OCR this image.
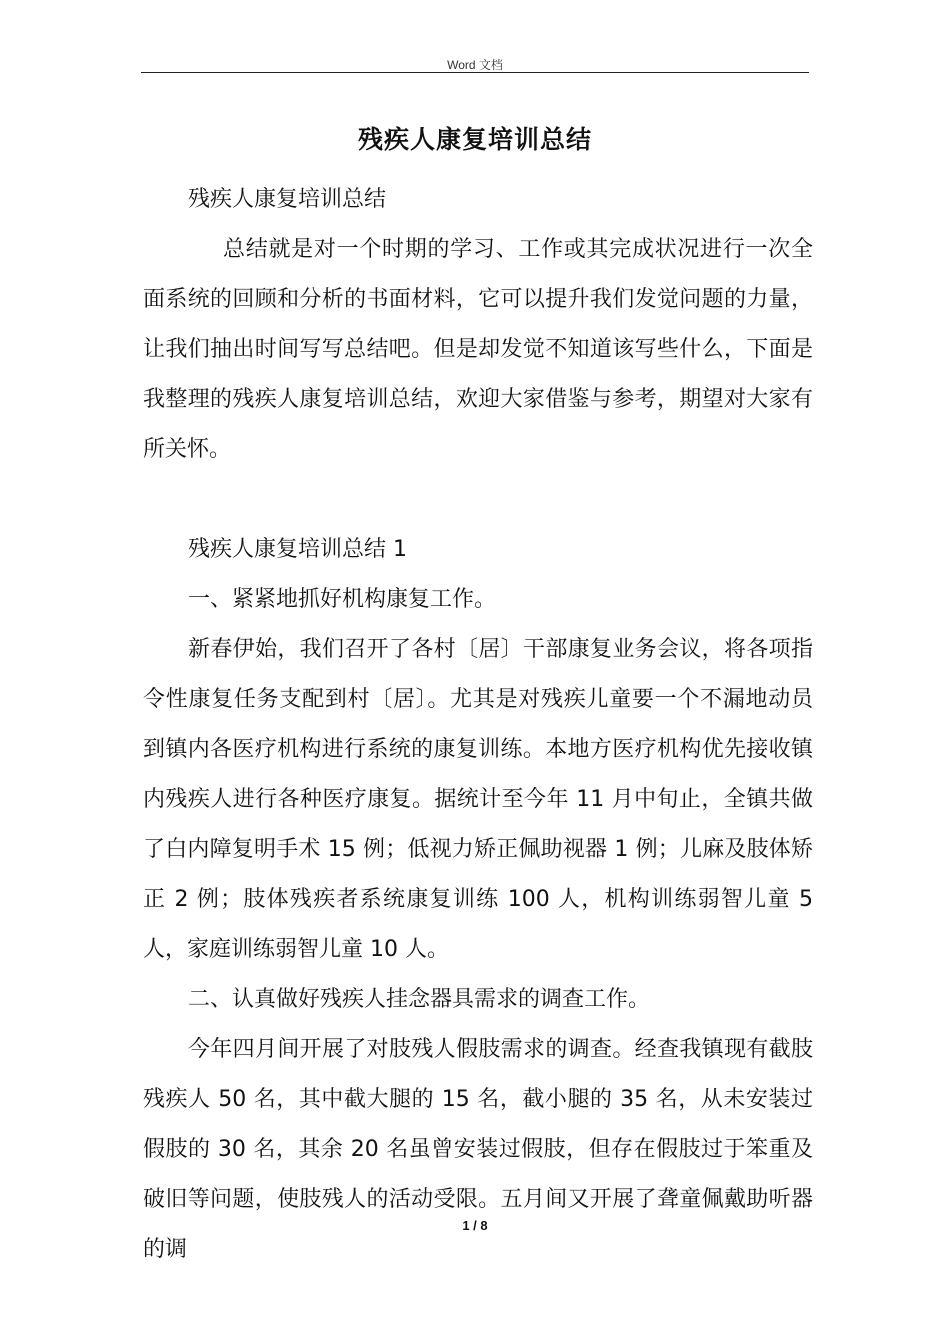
Word 文档
残疾人康复培训总结

残疾人康复培训总结

总结就是对一个时期的学习、工作或其完成状况进行一次全面系统的回顾和分析的书面材料，它可以提升我们发觉问题的力量，让我们抽出时间写写总结吧。但是却发觉不知道该写些什么，下面是我整理的残疾人康复培训总结，欢迎大家借鉴与参考，期望对大家有所关怀。

残疾人康复培训总结 1

一、紧紧地抓好机构康复工作。

新春伊始，我们召开了各村〔居〕干部康复业务会议，将各项指令性康复任务支配到村〔居〕。尤其是对残疾儿童要一个不漏地动员到镇内各医疗机构进行系统的康复训练。本地方医疗机构优先接收镇内残疾人进行各种医疗康复。据统计至今年 11 月中旬止，全镇共做了白内障复明手术 15 例；低视力矫正佩助视器 1 例；儿麻及肢体矫正 2 例；肢体残疾者系统康复训练 100 人，机构训练弱智儿童 5 人，家庭训练弱智儿童 10 人。

二、认真做好残疾人挂念器具需求的调查工作。

今年四月间开展了对肢残人假肢需求的调查。经查我镇现有截肢残疾人 50 名，其中截大腿的 15 名，截小腿的 35 名，从未安装过假肢的 30 名，其余 20 名虽曾安装过假肢，但存在假肢过于笨重及破旧等问题，使肢残人的活动受限。五月间又开展了聋童佩戴助听器的调

1 / 8
